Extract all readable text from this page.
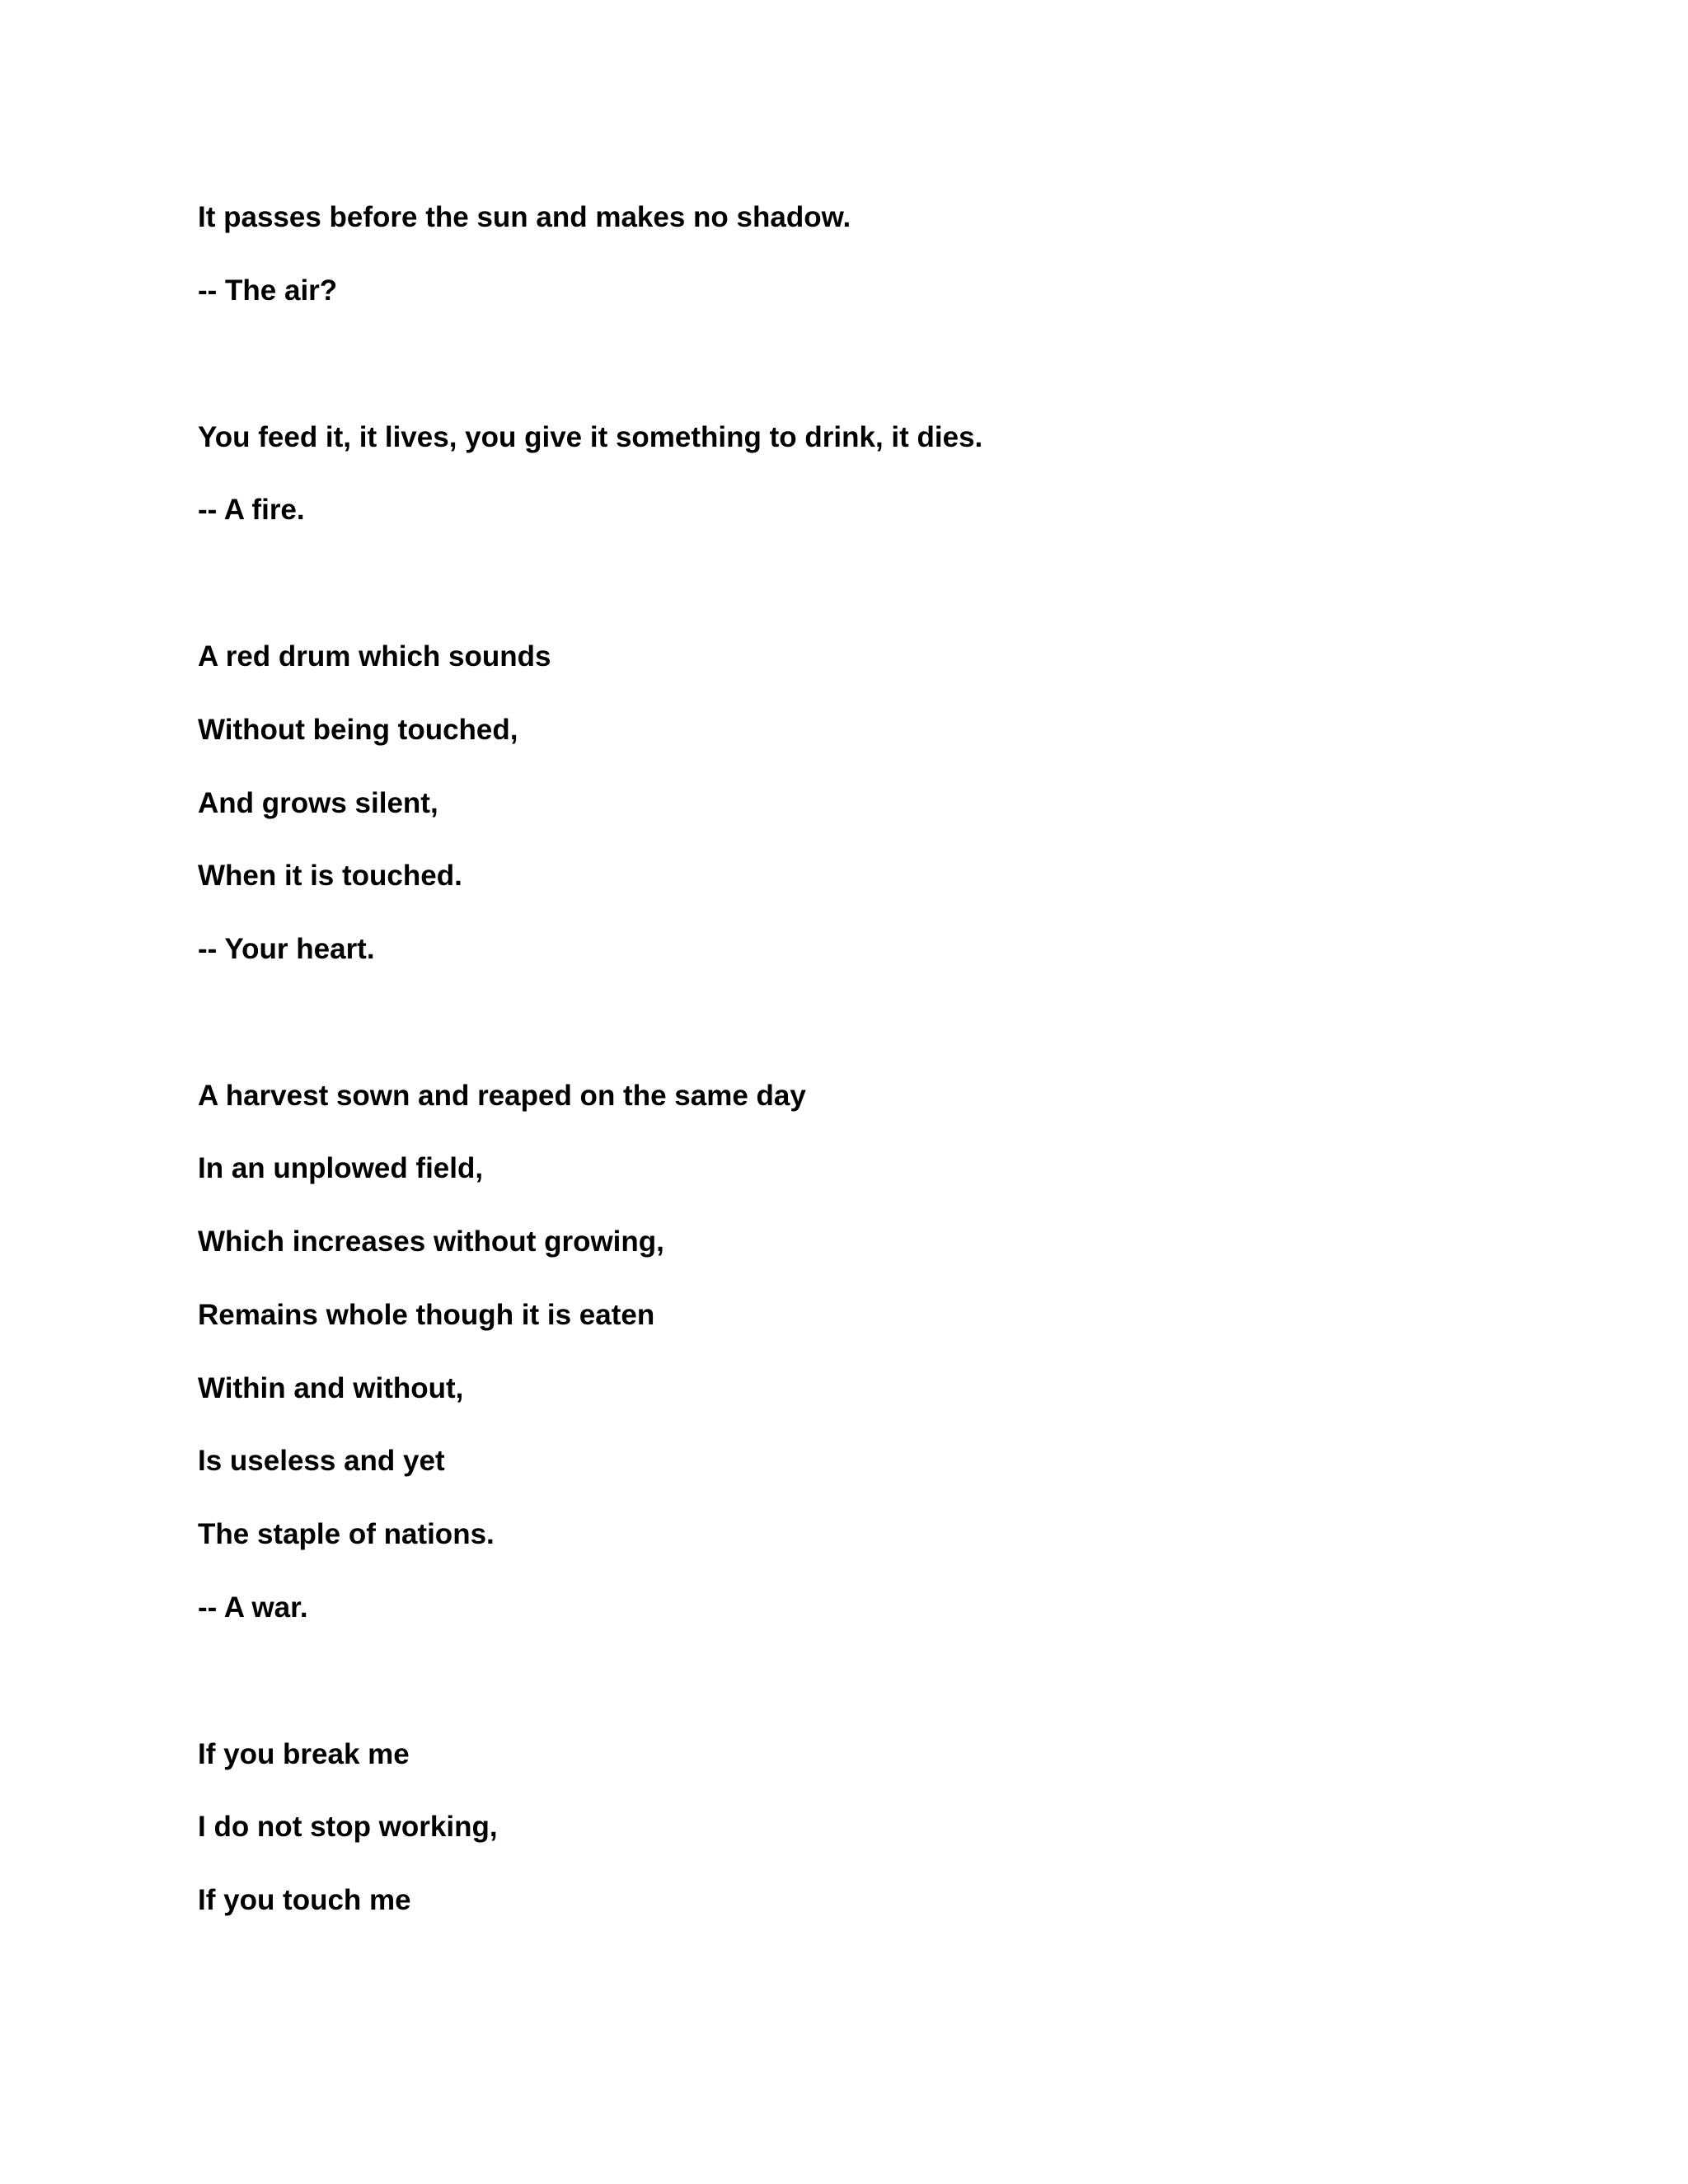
It passes before the sun and makes no shadow.

-- The air?

You feed it, it lives, you give it something to drink, it dies.

-- A fire.

A red drum which sounds

Without being touched,

And grows silent,

When it is touched.

-- Your heart.

A harvest sown and reaped on the same day

In an unplowed field,

Which increases without growing,

Remains whole though it is eaten

Within and without,

Is useless and yet

The staple of nations.

-- A war.

If you break me

I do not stop working,

If you touch me
